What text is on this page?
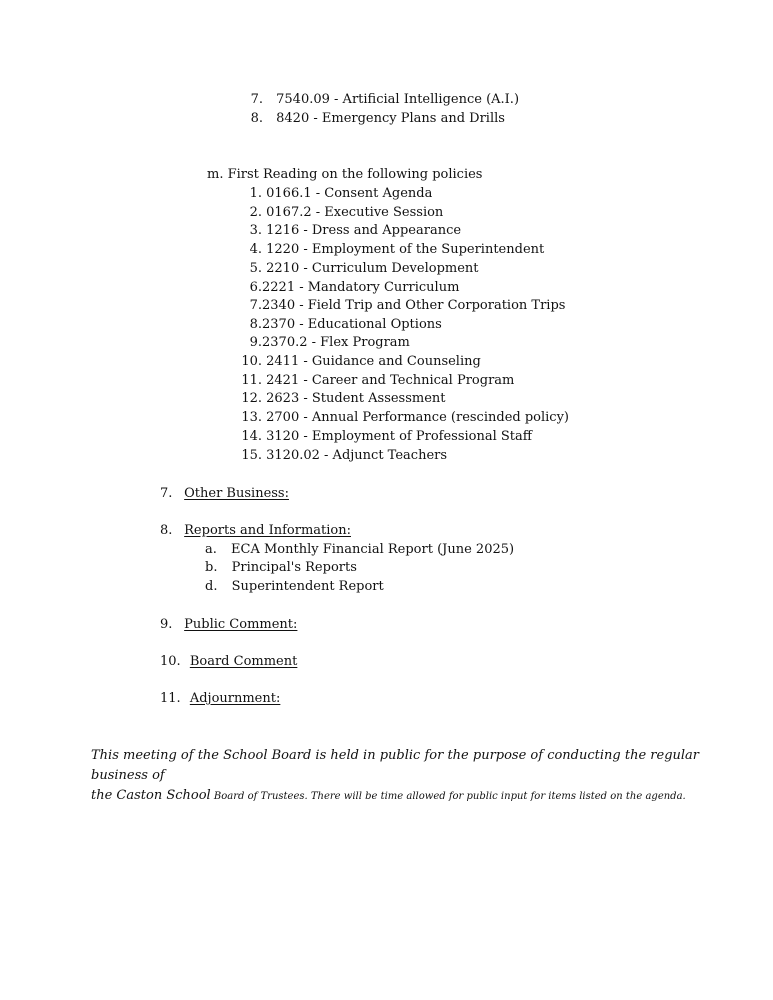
7. 7540.09 - Artificial Intelligence (A.I.)
8. 8420 - Emergency Plans and Drills
m. First Reading on the following policies
1. 0166.1 - Consent Agenda
2. 0167.2 - Executive Session
3. 1216 - Dress and Appearance
4. 1220 - Employment of the Superintendent
5. 2210 - Curriculum Development
6.2221 - Mandatory Curriculum
7.2340 - Field Trip and Other Corporation Trips
8.2370 - Educational Options
9.2370.2 - Flex Program
10. 2411 - Guidance and Counseling
11. 2421 - Career and Technical Program
12. 2623 - Student Assessment
13. 2700 - Annual Performance (rescinded policy)
14. 3120 - Employment of Professional Staff
15. 3120.02 - Adjunct Teachers
7. Other Business:
8. Reports and Information:
a. ECA Monthly Financial Report (June 2025)
b. Principal's Reports
d. Superintendent Report
9. Public Comment:
10. Board Comment
11. Adjournment:
This meeting of the School Board is held in public for the purpose of conducting the regular business of
the Caston School Board of Trustees. There will be time allowed for public input for items listed on the agenda.
